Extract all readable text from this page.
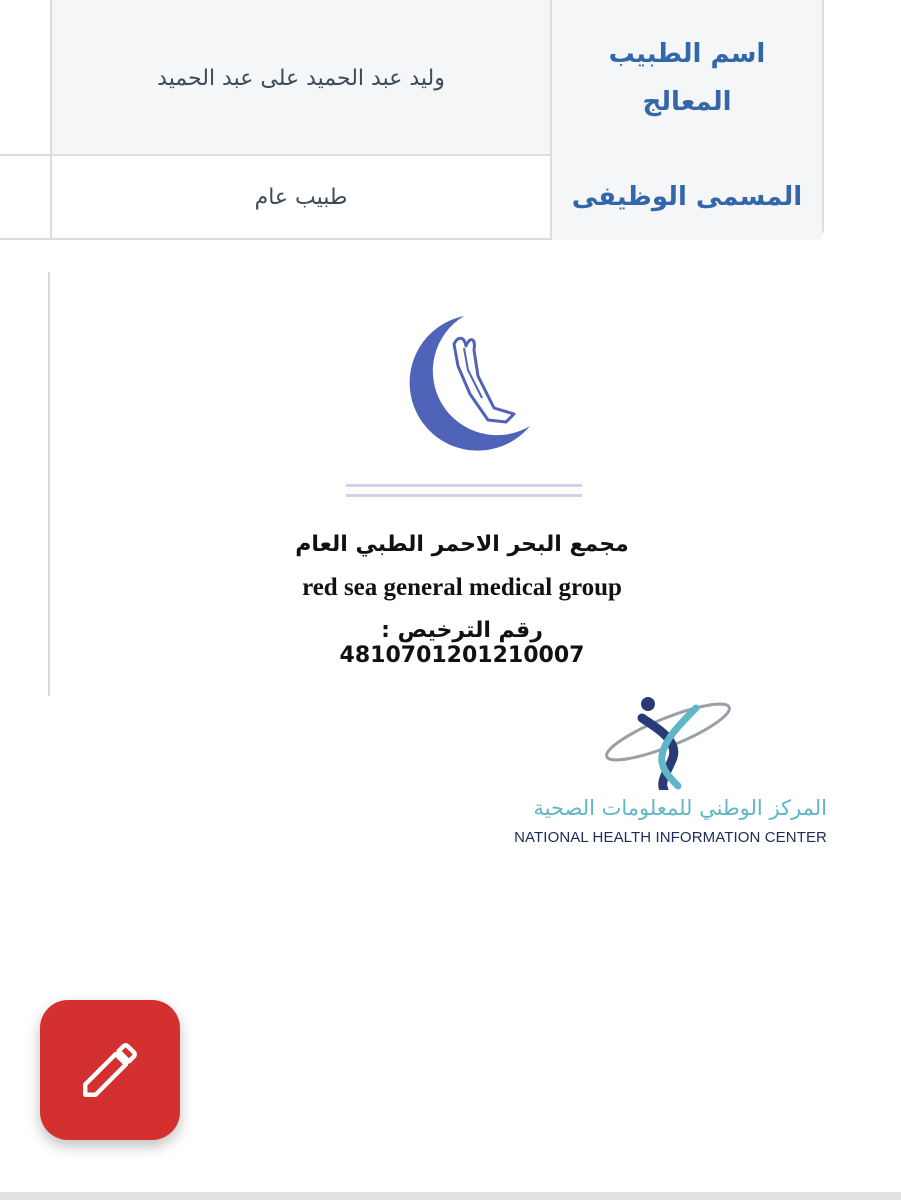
وليد عبد الحميد على عبد الحميد
اسم الطبيب
المعالج
طبيب عام	المسمى الوظيفى
مجمع البحر الاحمر الطبي العام
red sea general medical group
رقم الترخيص : 4810701201210007
المركز الوطني للمعلومات الصحية
NATIONAL HEALTH INFORMATION CENTER
